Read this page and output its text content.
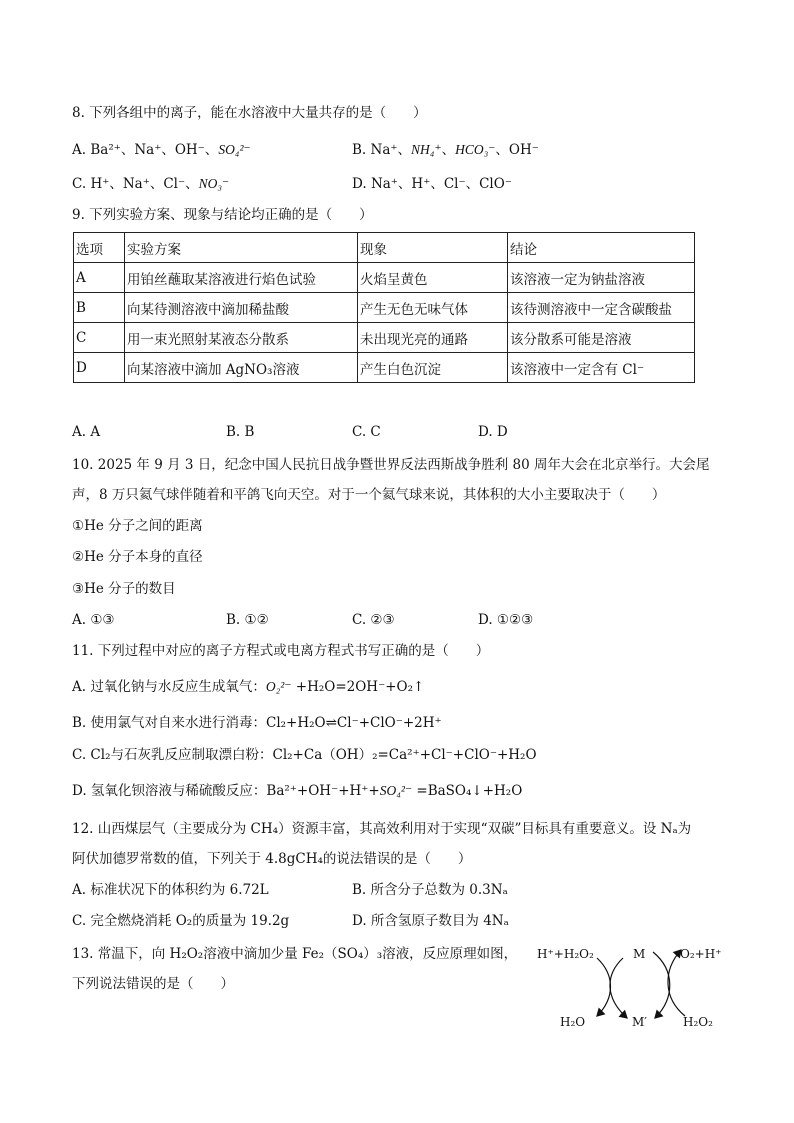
8. 下列各组中的离子，能在水溶液中大量共存的是（　　）
A. Ba²⁺、Na⁺、OH⁻、SO₄²⁻	B. Na⁺、NH₄⁺、HCO₃⁻、OH⁻
C. H⁺、Na⁺、Cl⁻、NO₃⁻	D. Na⁺、H⁺、Cl⁻、ClO⁻
9. 下列实验方案、现象与结论均正确的是（　　）
选项	实验方案	现象	结论
A	用铂丝蘸取某溶液进行焰色试验	火焰呈黄色	该溶液一定为钠盐溶液
B	向某待测溶液中滴加稀盐酸	产生无色无味气体	该待测溶液中一定含碳酸盐
C	用一束光照射某液态分散系	未出现光亮的通路	该分散系可能是溶液
D	向某溶液中滴加 AgNO₃溶液	产生白色沉淀	该溶液中一定含有 Cl⁻
A. A	B. B	C. C	D. D
10. 2025 年 9 月 3 日，纪念中国人民抗日战争暨世界反法西斯战争胜利 80 周年大会在北京举行。大会尾
声，8 万只氦气球伴随着和平鸽飞向天空。对于一个氦气球来说，其体积的大小主要取决于（　　）
①He 分子之间的距离
②He 分子本身的直径
③He 分子的数目
A. ①③	B. ①②	C. ②③	D. ①②③
11. 下列过程中对应的离子方程式或电离方程式书写正确的是（　　）
A. 过氧化钠与水反应生成氧气：O₂²⁻ +H₂O=2OH⁻+O₂↑
B. 使用氯气对自来水进行消毒：Cl₂+H₂O⇌Cl⁻+ClO⁻+2H⁺
C. Cl₂与石灰乳反应制取漂白粉：Cl₂+Ca（OH）₂=Ca²⁺+Cl⁻+ClO⁻+H₂O
D. 氢氧化钡溶液与稀硫酸反应：Ba²⁺+OH⁻+H⁺+SO₄²⁻ =BaSO₄↓+H₂O
12. 山西煤层气（主要成分为 CH₄）资源丰富，其高效利用对于实现“双碳”目标具有重要意义。设 Nₐ为
阿伏加德罗常数的值，下列关于 4.8gCH₄的说法错误的是（　　）
A. 标准状况下的体积约为 6.72L	B. 所含分子总数为 0.3Nₐ
C. 完全燃烧消耗 O₂的质量为 19.2g	D. 所含氢原子数目为 4Nₐ
13. 常温下，向 H₂O₂溶液中滴加少量 Fe₂（SO₄）₃溶液，反应原理如图，
下列说法错误的是（　　）
H⁺+H₂O₂	M	O₂+H⁺
H₂O	M′	H₂O₂
